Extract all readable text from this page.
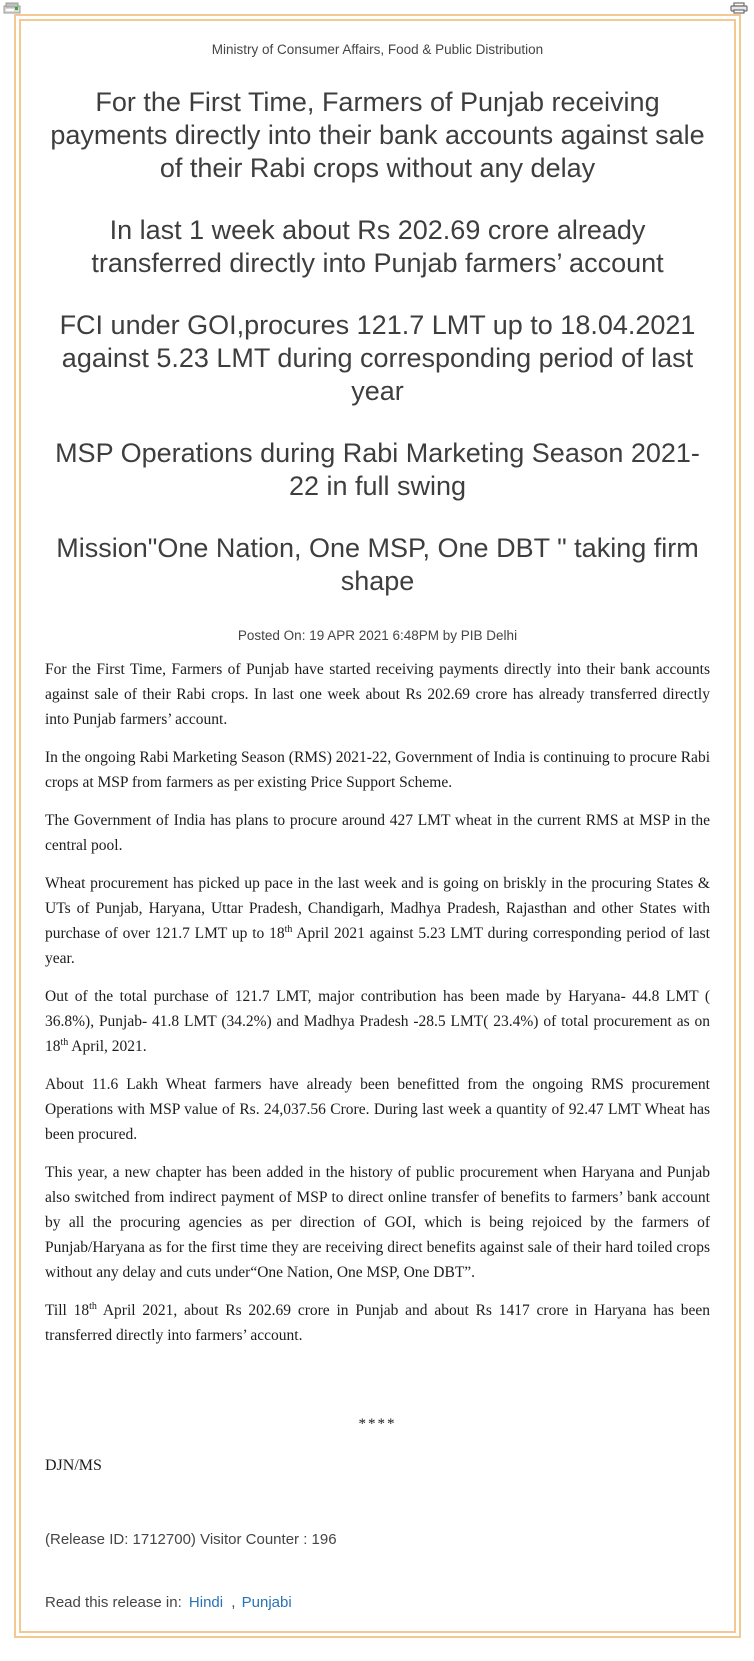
Ministry of Consumer Affairs, Food & Public Distribution
For the First Time, Farmers of Punjab receiving payments directly into their bank accounts against sale of their Rabi crops without any delay
In last 1 week about Rs 202.69 crore already transferred directly into Punjab farmers’ account
FCI under GOI,procures 121.7 LMT up to 18.04.2021 against 5.23 LMT during corresponding period of last year
MSP Operations during Rabi Marketing Season 2021-22 in full swing
Mission"One Nation, One MSP, One DBT " taking firm shape
Posted On: 19 APR 2021 6:48PM by PIB Delhi

For the First Time, Farmers of Punjab have started receiving payments directly into their bank accounts against sale of their Rabi crops. In last one week about Rs 202.69 crore has already transferred directly into Punjab farmers’ account.

In the ongoing Rabi Marketing Season (RMS) 2021-22, Government of India is continuing to procure Rabi crops at MSP from farmers as per existing Price Support Scheme.

The Government of India has plans to procure around 427 LMT wheat in the current RMS at MSP in the central pool.

Wheat procurement has picked up pace in the last week and is going on briskly in the procuring States & UTs of Punjab, Haryana, Uttar Pradesh, Chandigarh, Madhya Pradesh, Rajasthan and other States with purchase of over 121.7 LMT up to 18th April 2021 against 5.23 LMT during corresponding period of last year.

Out of the total purchase of 121.7 LMT, major contribution has been made by Haryana- 44.8 LMT ( 36.8%), Punjab- 41.8 LMT (34.2%) and Madhya Pradesh -28.5 LMT( 23.4%) of total procurement as on 18th April, 2021.

About 11.6 Lakh Wheat farmers have already been benefitted from the ongoing RMS procurement Operations with MSP value of Rs. 24,037.56 Crore. During last week a quantity of 92.47 LMT Wheat has been procured.

This year, a new chapter has been added in the history of public procurement when Haryana and Punjab also switched from indirect payment of MSP to direct online transfer of benefits to farmers’ bank account by all the procuring agencies as per direction of GOI, which is being rejoiced by the farmers of Punjab/Haryana as for the first time they are receiving direct benefits against sale of their hard toiled crops without any delay and cuts under“One Nation, One MSP, One DBT”.

Till 18th April 2021, about Rs 202.69 crore in Punjab and about Rs 1417 crore in Haryana has been transferred directly into farmers’ account.

****
DJN/MS
(Release ID: 1712700) Visitor Counter : 196
Read this release in: Hindi , Punjabi
